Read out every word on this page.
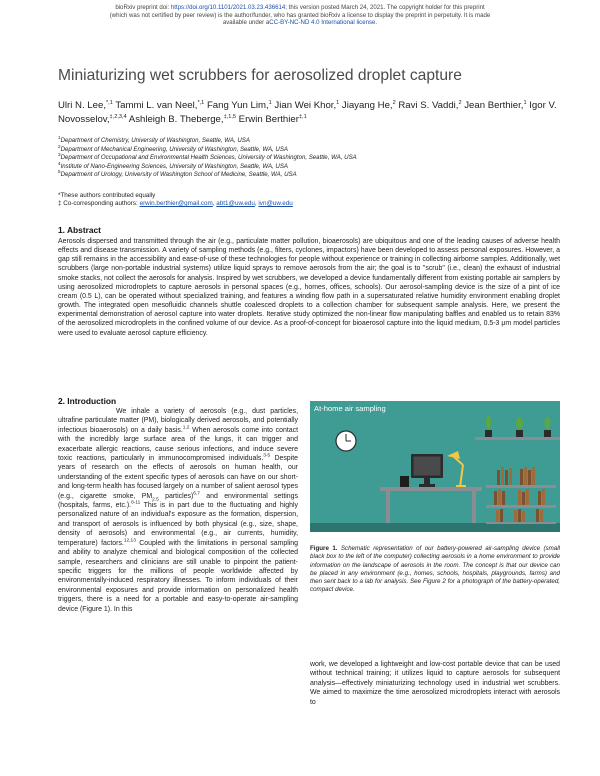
bioRxiv preprint doi: https://doi.org/10.1101/2021.03.23.436614; this version posted March 24, 2021. The copyright holder for this preprint
(which was not certified by peer review) is the author/funder, who has granted bioRxiv a license to display the preprint in perpetuity. It is made
available under aCC-BY-NC-ND 4.0 International license.
Miniaturizing wet scrubbers for aerosolized droplet capture
Ulri N. Lee,$^{*,1}$ Tammi L. van Neel,$^{*,1}$ Fang Yun Lim,$^1$ Jian Wei Khor,$^1$ Jiayang He,$^2$ Ravi S. Vaddi,$^2$ Jean Berthier,$^1$ Igor V. Novosselov,$^{\ddagger,2,3,4}$ Ashleigh B. Theberge,$^{\ddagger,1,5}$ Erwin Berthier$^{\ddagger,1}$
$^1$Department of Chemistry, University of Washington, Seattle, WA, USA
$^2$Department of Mechanical Engineering, University of Washington, Seattle, WA, USA
$^3$Department of Occupational and Environmental Health Sciences, University of Washington, Seattle, WA, USA
$^4$Institute of Nano-Engineering Sciences, University of Washington, Seattle, WA, USA
$^5$Department of Urology, University of Washington School of Medicine, Seattle, WA, USA
*These authors contributed equally
‡ Co-corresponding authors: erwin.berthier@gmail.com, abt1@uw.edu, ivn@uw.edu
1. Abstract
Aerosols dispersed and transmitted through the air (e.g., particulate matter pollution, bioaerosols) are ubiquitous and one of the leading causes of adverse health effects and disease transmission. A variety of sampling methods (e.g., filters, cyclones, impactors) have been developed to assess personal exposures. However, a gap still remains in the accessibility and ease-of-use of these technologies for people without experience or training in collecting airborne samples. Additionally, wet scrubbers (large non-portable industrial systems) utilize liquid sprays to remove aerosols from the air; the goal is to "scrub" (i.e., clean) the exhaust of industrial smoke stacks, not collect the aerosols for analysis. Inspired by wet scrubbers, we developed a device fundamentally different from existing portable air samplers by using aerosolized microdroplets to capture aerosols in personal spaces (e.g., homes, offices, schools). Our aerosol-sampling device is the size of a pint of ice cream (0.5 L), can be operated without specialized training, and features a winding flow path in a supersaturated relative humidity environment enabling droplet growth. The integrated open mesofluidic channels shuttle coalesced droplets to a collection chamber for subsequent sample analysis. Here, we present the experimental demonstration of aerosol capture into water droplets. Iterative study optimized the non-linear flow manipulating baffles and enabled us to retain 83% of the aerosolized microdroplets in the confined volume of our device. As a proof-of-concept for bioaerosol capture into the liquid medium, 0.5-3 μm model particles were used to evaluate aerosol capture efficiency.
2. Introduction

We inhale a variety of aerosols (e.g., dust particles, ultrafine particulate matter (PM), biologically derived aerosols, and potentially infectious bioaerosols) on a daily basis.$^{1,2}$ When aerosols come into contact with the incredibly large surface area of the lungs, it can trigger and exacerbate allergic reactions, cause serious infections, and induce severe toxic reactions, particularly in immunocompromised individuals.$^{3-5}$ Despite years of research on the effects of aerosols on human health, our understanding of the extent specific types of aerosols can have on our short- and long-term health has focused largely on a number of salient aerosol types (e.g., cigarette smoke, $PM_{2.5}$ particles)$^{6,7}$ and environmental settings (hospitals, farms, etc.).$^{8-11}$ This is in part due to the fluctuating and highly personalized nature of an individual's exposure as the formation, dispersion, and transport of aerosols is influenced by both physical (e.g., size, shape, density of aerosols) and environmental (e.g., air currents, humidity, temperature) factors.$^{12,13}$ Coupled with the limitations in personal sampling and ability to analyze chemical and biological composition of the collected sample, researchers and clinicians are still unable to pinpoint the patient-specific triggers for the millions of people worldwide affected by environmentally-induced respiratory illnesses. To inform individuals of their environmental exposures and provide information on personalized health triggers, there is a need for a portable and easy-to-operate air-sampling device (Figure 1). In this

At-home air sampling
Figure 1. Schematic representation of our battery-powered air-sampling device (small black box to the left of the computer) collecting aerosols in a home environment to provide information on the landscape of aerosols in the room. The concept is that our device can be placed in any environment (e.g., homes, schools, hospitals, playgrounds, farms) and then sent back to a lab for analysis. See Figure 2 for a photograph of the battery-operated, compact device.

work, we developed a lightweight and low-cost portable device that can be used without technical training; it utilizes liquid to capture aerosols for subsequent analysis—effectively miniaturizing technology used in industrial wet scrubbers. We aimed to maximize the time aerosolized microdroplets interact with aerosols to
